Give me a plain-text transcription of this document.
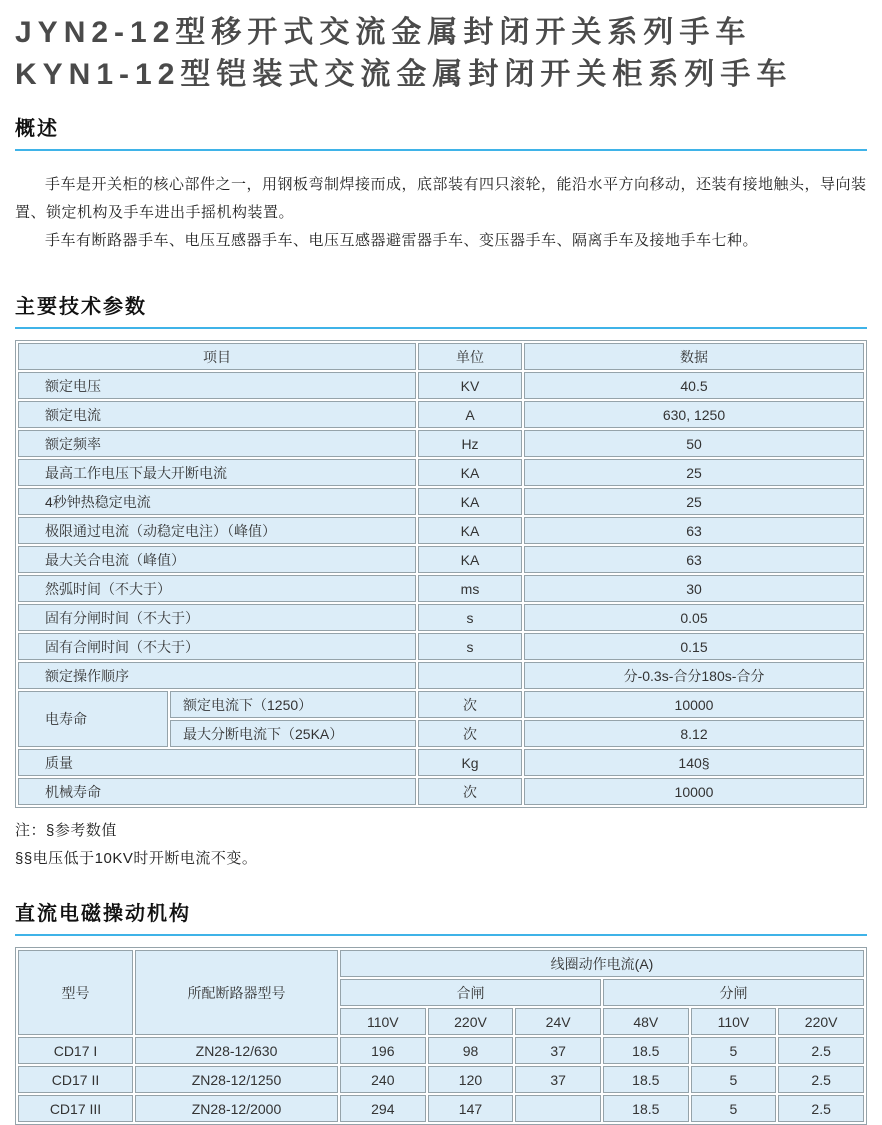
JYN2-12型移开式交流金属封闭开关系列手车
KYN1-12型铠装式交流金属封闭开关柜系列手车
概述

手车是开关柜的核心部件之一，用钢板弯制焊接而成，底部装有四只滚轮，能沿水平方向移动，还装有接地触头，导向装置、锁定机构及手车进出手摇机构装置。

手车有断路器手车、电压互感器手车、电压互感器避雷器手车、变压器手车、隔离手车及接地手车七种。

主要技术参数
项目		单位	数据
额定电压		KV	40.5
额定电流		A	630, 1250
额定频率		Hz	50
最高工作电压下最大开断电流		KA	25
4秒钟热稳定电流		KA	25
极限通过电流（动稳定电注）（峰值）		KA	63
最大关合电流（峰值）		KA	63
然弧时间（不大于）		ms	30
固有分闸时间（不大于）		s	0.05
固有合闸时间（不大于）		s	0.15
额定操作顺序			分-0.3s-合分180s-合分
电寿命	额定电流下（1250）	次	10000
	最大分断电流下（25KA）	次	8.12
质量		Kg	140§
机械寿命		次	10000
注：§参考数值
§§电压低于10KV时开断电流不变。
直流电磁操动机构
型号	所配断路器型号	线圈动作电流(A)					
		合闸			分闸		
		110V	220V	24V	48V	110V	220V
CD17 I	ZN28-12/630	196	98	37	18.5	5	2.5
CD17 II	ZN28-12/1250	240	120	37	18.5	5	2.5
CD17 III	ZN28-12/2000	294	147		18.5	5	2.5
